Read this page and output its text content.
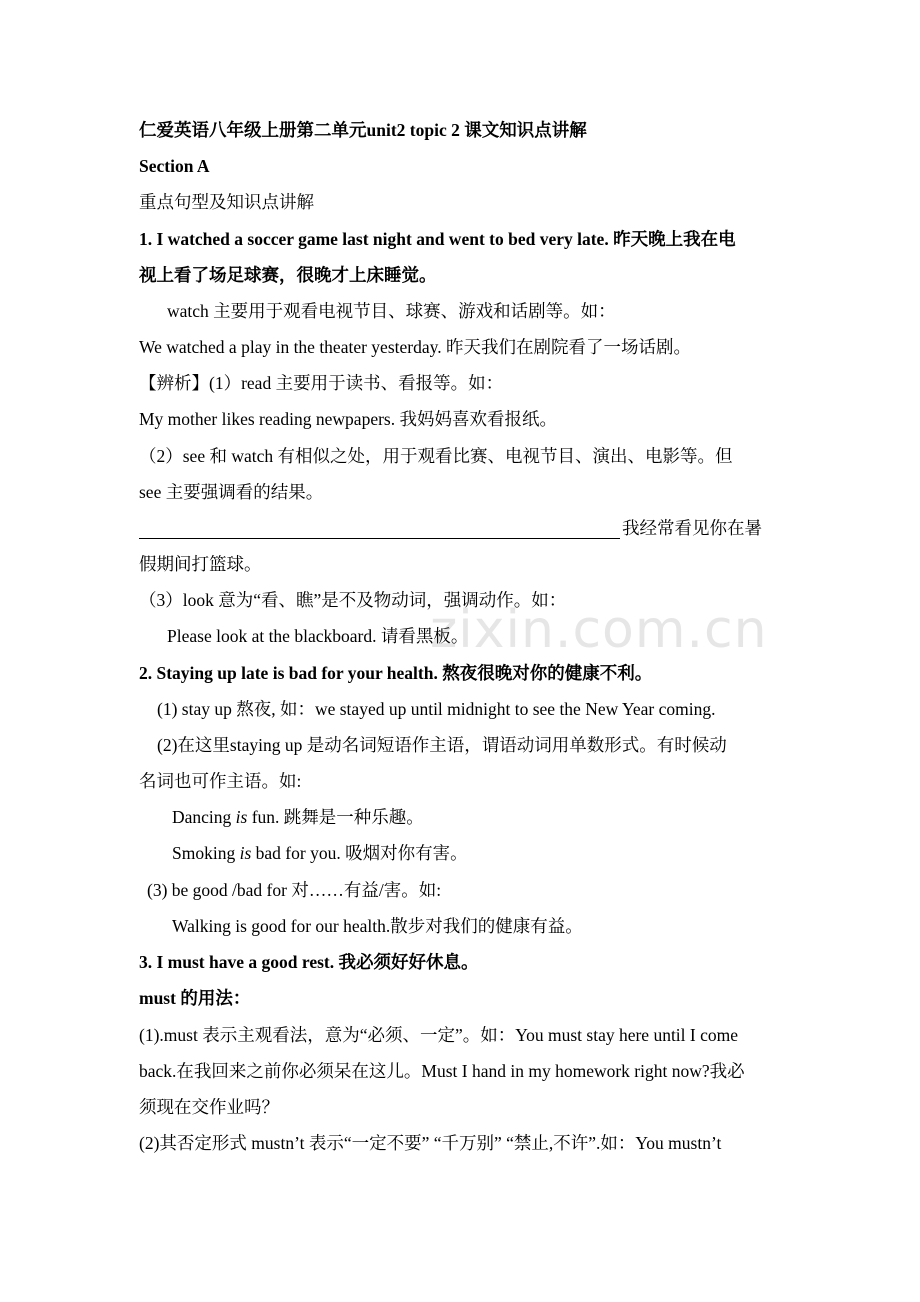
zixin.com.cn
仁爱英语八年级上册第二单元unit2 topic 2 课文知识点讲解
Section A
重点句型及知识点讲解
1. I watched a soccer game last night and went to bed very late. 昨天晚上我在电
视上看了场足球赛，很晚才上床睡觉。
watch 主要用于观看电视节目、球赛、游戏和话剧等。如：
We watched a play in the theater yesterday. 昨天我们在剧院看了一场话剧。
【辨析】(1）read 主要用于读书、看报等。如：
My mother likes reading newpapers. 我妈妈喜欢看报纸。
（2）see 和 watch 有相似之处，用于观看比赛、电视节目、演出、电影等。但
see 主要强调看的结果。
我经常看见你在暑
假期间打篮球。
（3）look 意为“看、瞧”是不及物动词，强调动作。如：
Please look at the blackboard. 请看黑板。
2. Staying up late is bad for your health. 熬夜很晚对你的健康不利。
(1) stay up 熬夜, 如：we stayed up until midnight to see the New Year coming.
(2)在这里staying up 是动名词短语作主语，谓语动词用单数形式。有时候动
名词也可作主语。如:
Dancing is fun. 跳舞是一种乐趣。
Smoking is bad for you. 吸烟对你有害。
(3) be good /bad for 对……有益/害。如:
Walking is good for our health.散步对我们的健康有益。
3. I must have a good rest. 我必须好好休息。
must 的用法：
(1).must 表示主观看法，意为“必须、一定”。如：You must stay here until I come
back.在我回来之前你必须呆在这儿。Must I hand in my homework right now?我必
须现在交作业吗？
(2)其否定形式 mustn’t 表示“一定不要” “千万别” “禁止,不许”.如：You mustn’t
